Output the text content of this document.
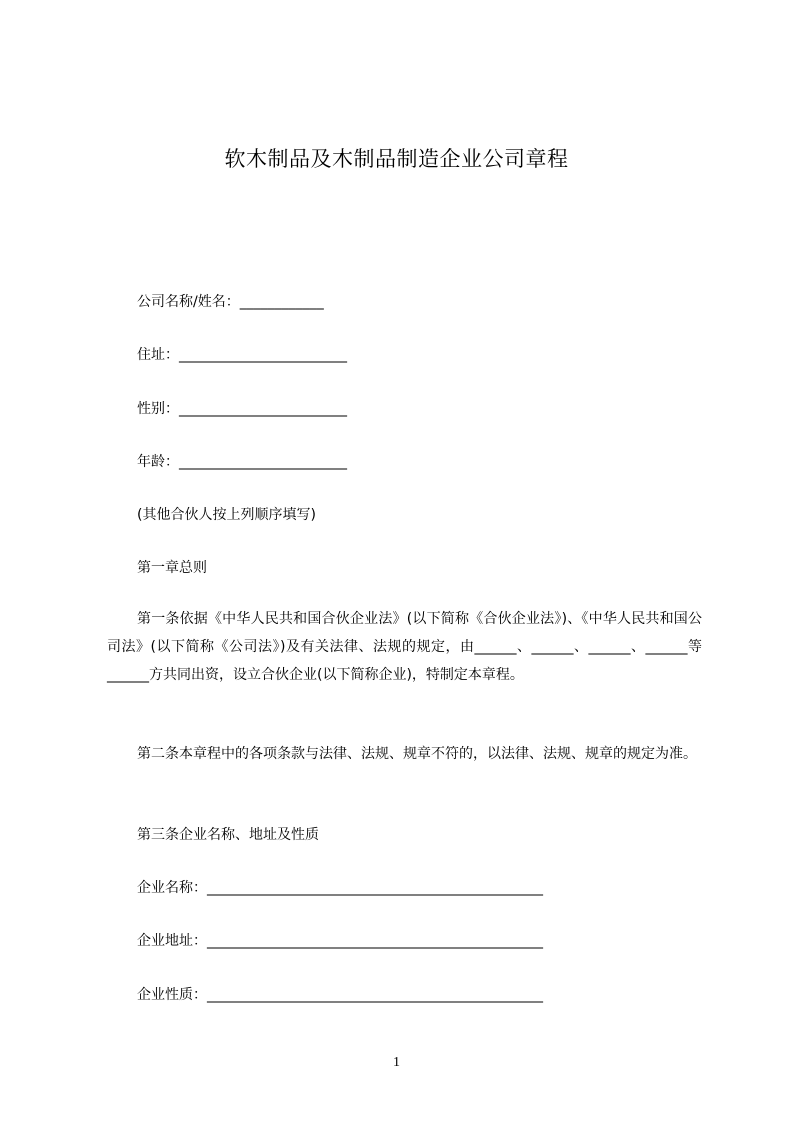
软木制品及木制品制造企业公司章程
公司名称/姓名：____________
住址：________________________
性别：________________________
年龄：________________________
(其他合伙人按上列顺序填写)
第一章总则
第一条依据《中华人民共和国合伙企业法》(以下简称《合伙企业法》)、《中华人民共和国公司法》(以下简称《公司法》)及有关法律、法规的规定，由______、______、______、______等______方共同出资，设立合伙企业(以下简称企业)，特制定本章程。
第二条本章程中的各项条款与法律、法规、规章不符的，以法律、法规、规章的规定为准。
第三条企业名称、地址及性质
企业名称：________________________________________________
企业地址：________________________________________________
企业性质：________________________________________________
1
